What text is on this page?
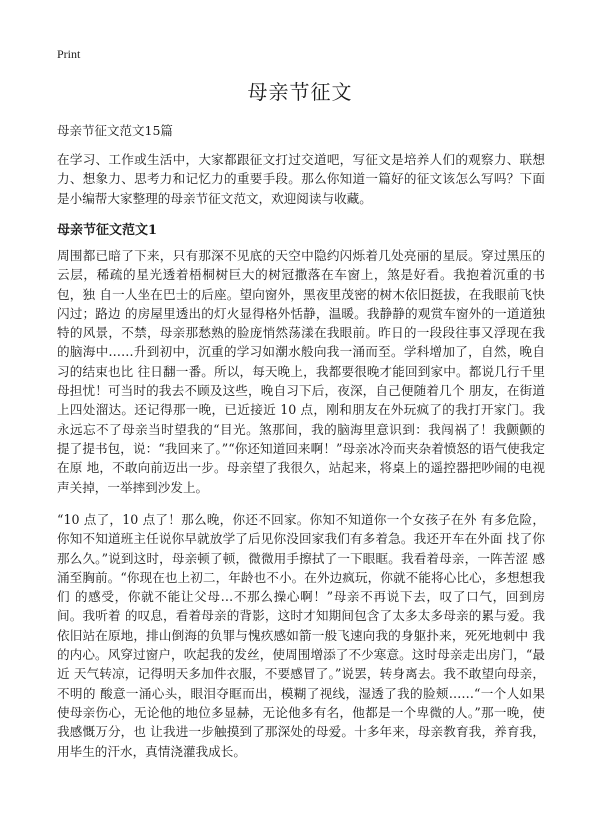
Print
母亲节征文
母亲节征文范文15篇

在学习、工作或生活中，大家都跟征文打过交道吧，写征文是培养人们的观察力、联想力、想象力、思考力和记忆力的重要手段。那么你知道一篇好的征文该怎么写吗？下面是小编帮大家整理的母亲节征文范文，欢迎阅读与收藏。

母亲节征文范文1

周围都已暗了下来，只有那深不见底的天空中隐约闪烁着几处亮丽的星辰。穿过黑压的 云层，稀疏的星光透着梧桐树巨大的树冠撒落在车窗上，煞是好看。我抱着沉重的书包，独 自一人坐在巴士的后座。望向窗外，黑夜里茂密的树木依旧挺拔，在我眼前飞快闪过；路边 的房屋里透出的灯火显得格外恬静，温暖。我静静的观赏车窗外的一道道独特的风景，不禁，母亲那愁熟的脸庞悄然荡漾在我眼前。昨日的一段段往事又浮现在我的脑海中……升到初中，沉重的学习如潮水般向我一涌而至。学科增加了，自然，晚自习的结束也比 往日翻一番。所以，每天晚上，我都要很晚才能回到家中。都说几行千里母担忧！可当时的我去不顾及这些，晚自习下后，夜深，自己便随着几个 朋友，在街道上四处溜达。还记得那一晚，已近接近 10 点，刚和朋友在外玩疯了的我打开家门。我永远忘不了母亲当时望我的“目光。煞那间，我的脑海里意识到：我闯祸了！我颤颤的 提了提书包，说：“我回来了。”“你还知道回来啊！”母亲冰冷而夹杂着愤怒的语气使我定在原 地，不敢向前迈出一步。母亲望了我很久，站起来，将桌上的遥控器把吵闹的电视声关掉，一举摔到沙发上。

“10 点了，10 点了！那么晚，你还不回家。你知不知道你一个女孩子在外 有多危险，你知不知道班主任说你早就放学了后见你没回家我们有多着急。我还开车在外面 找了你那么久。”说到这时，母亲顿了顿，微微用手擦拭了一下眼眶。我看着母亲，一阵苦涩 感涌至胸前。“你现在也上初二，年龄也不小。在外边疯玩，你就不能将心比心，多想想我们 的感受，你就不能让父母…不那么操心啊！”母亲不再说下去，叹了口气，回到房间。我听着 的叹息，看着母亲的背影，这时才知期间包含了太多太多母亲的累与爱。我依旧站在原地，排山倒海的负罪与愧疚感如箭一般飞速向我的身躯扑来，死死地刺中 我的内心。风穿过窗户，吹起我的发丝，使周围增添了不少寒意。这时母亲走出房门，“最近 天气转凉，记得明天多加件衣服，不要感冒了。”说罢，转身离去。我不敢望向母亲，不明的 酸意一涌心头，眼泪夺眶而出，模糊了视线，湿透了我的脸颊……“一个人如果使母亲伤心，无论他的地位多显赫，无论他多有名，他都是一个卑微的人。”那一晚，使我感慨万分，也 让我进一步触摸到了那深处的母爱。十多年来，母亲教育我，养育我，用毕生的汗水，真情浇灌我成长。
